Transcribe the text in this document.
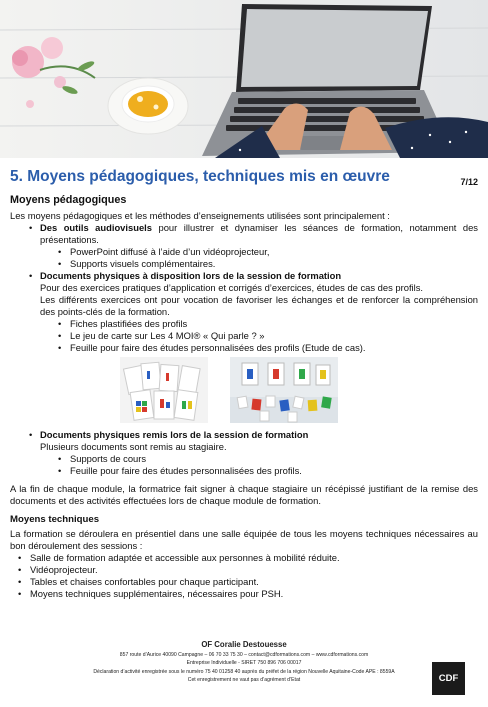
5. Moyens pédagogiques, techniques mis en œuvre	7/12
Moyens pédagogiques

Les moyens pédagogiques et les méthodes d’enseignements utilisées sont principalement :

• Des outils audiovisuels pour illustrer et dynamiser les séances de formation, notamment des présentations.
• PowerPoint diffusé à l’aide d’un vidéoprojecteur,
• Supports visuels complémentaires.
• Documents physiques à disposition lors de la session de formation

Pour des exercices pratiques d’application et corrigés d’exercices, études de cas des profils.

Les différents exercices ont pour vocation de favoriser les échanges et de renforcer la compréhension des points-clés de la formation.

• Fiches plastifiées des profils
• Le jeu de carte sur Les 4 MOI® « Qui parle ? »
• Feuille pour faire des études personnalisées des profils (Etude de cas).
• Documents physiques remis lors de la session de formation

Plusieurs documents sont remis au stagiaire.

• Supports de cours
• Feuille pour faire des études personnalisées des profils.

A la fin de chaque module, la formatrice fait signer à chaque stagiaire un récépissé justifiant de la remise des documents et des activités effectuées lors de chaque module de formation.

Moyens techniques

La formation se déroulera en présentiel dans une salle équipée de tous les moyens techniques nécessaires au bon déroulement des sessions :

• Salle de formation adaptée et accessible aux personnes à mobilité réduite.
• Vidéoprojecteur.
• Tables et chaises confortables pour chaque participant.
• Moyens techniques supplémentaires, nécessaires pour PSH.
OF Coralie Destouesse
857 route d’Aurice 40090 Campagne – 06 70 33 75 30 – contact@cdformations.com – www.cdformations.com
Entreprise Individuelle - SIRET 750 896 706 00017
Déclaration d’activité enregistrée sous le numéro 75 40 01258 40 auprès du préfet de la région Nouvelle Aquitaine-Code APE : 8559A
Cet enregistrement ne vaut pas d’agrément d’Etat	CDF
